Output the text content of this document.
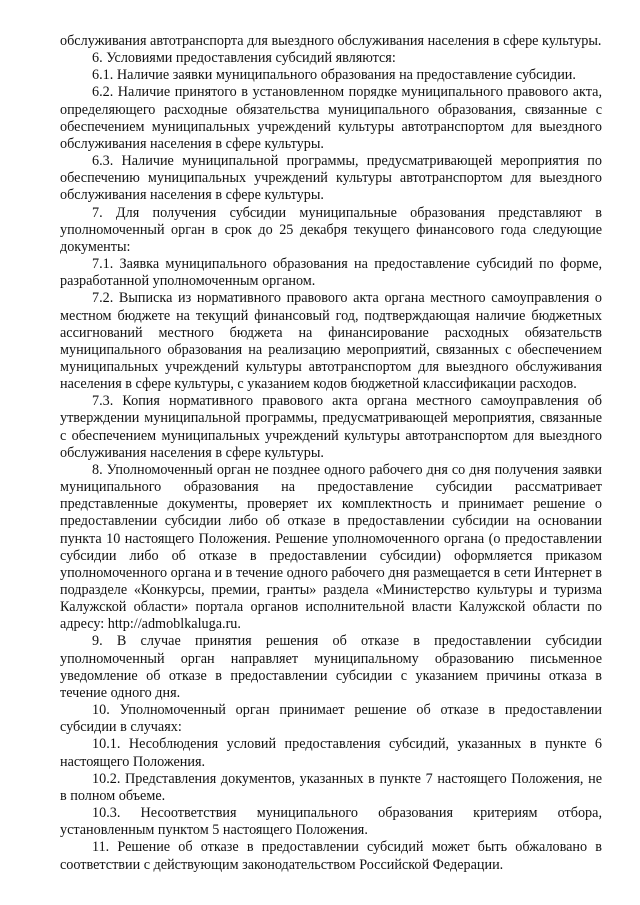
обслуживания автотранспорта для выездного обслуживания населения в сфере культуры.

6. Условиями предоставления субсидий являются:

6.1. Наличие заявки муниципального образования на предоставление субсидии.

6.2. Наличие принятого в установленном порядке муниципального правового акта, определяющего расходные обязательства муниципального образования, связанные с обеспечением муниципальных учреждений культуры автотранспортом для выездного обслуживания населения в сфере культуры.

6.3. Наличие муниципальной программы, предусматривающей мероприятия по обеспечению муниципальных учреждений культуры автотранспортом для выездного обслуживания населения в сфере культуры.

7. Для получения субсидии муниципальные образования представляют в уполномоченный орган в срок до 25 декабря текущего финансового года следующие документы:

7.1. Заявка муниципального образования на предоставление субсидий по форме, разработанной уполномоченным органом.

7.2. Выписка из нормативного правового акта органа местного самоуправления о местном бюджете на текущий финансовый год, подтверждающая наличие бюджетных ассигнований местного бюджета на финансирование расходных обязательств муниципального образования на реализацию мероприятий, связанных с обеспечением муниципальных учреждений культуры автотранспортом для выездного обслуживания населения в сфере культуры, с указанием кодов бюджетной классификации расходов.

7.3. Копия нормативного правового акта органа местного самоуправления об утверждении муниципальной программы, предусматривающей мероприятия, связанные с обеспечением муниципальных учреждений культуры автотранспортом для выездного обслуживания населения в сфере культуры.

8. Уполномоченный орган не позднее одного рабочего дня со дня получения заявки муниципального образования на предоставление субсидии рассматривает представленные документы, проверяет их комплектность и принимает решение о предоставлении субсидии либо об отказе в предоставлении субсидии на основании пункта 10 настоящего Положения. Решение уполномоченного органа (о предоставлении субсидии либо об отказе в предоставлении субсидии) оформляется приказом уполномоченного органа и в течение одного рабочего дня размещается в сети Интернет в подразделе «Конкурсы, премии, гранты» раздела «Министерство культуры и туризма Калужской области» портала органов исполнительной власти Калужской области по адресу: http://admoblkaluga.ru.

9. В случае принятия решения об отказе в предоставлении субсидии уполномоченный орган направляет муниципальному образованию письменное уведомление об отказе в предоставлении субсидии с указанием причины отказа в течение одного дня.

10. Уполномоченный орган принимает решение об отказе в предоставлении субсидии в случаях:

10.1. Несоблюдения условий предоставления субсидий, указанных в пункте 6 настоящего Положения.

10.2. Представления документов, указанных в пункте 7 настоящего Положения, не в полном объеме.

10.3. Несоответствия муниципального образования критериям отбора, установленным пунктом 5 настоящего Положения.

11. Решение об отказе в предоставлении субсидий может быть обжаловано в соответствии с действующим законодательством Российской Федерации.
